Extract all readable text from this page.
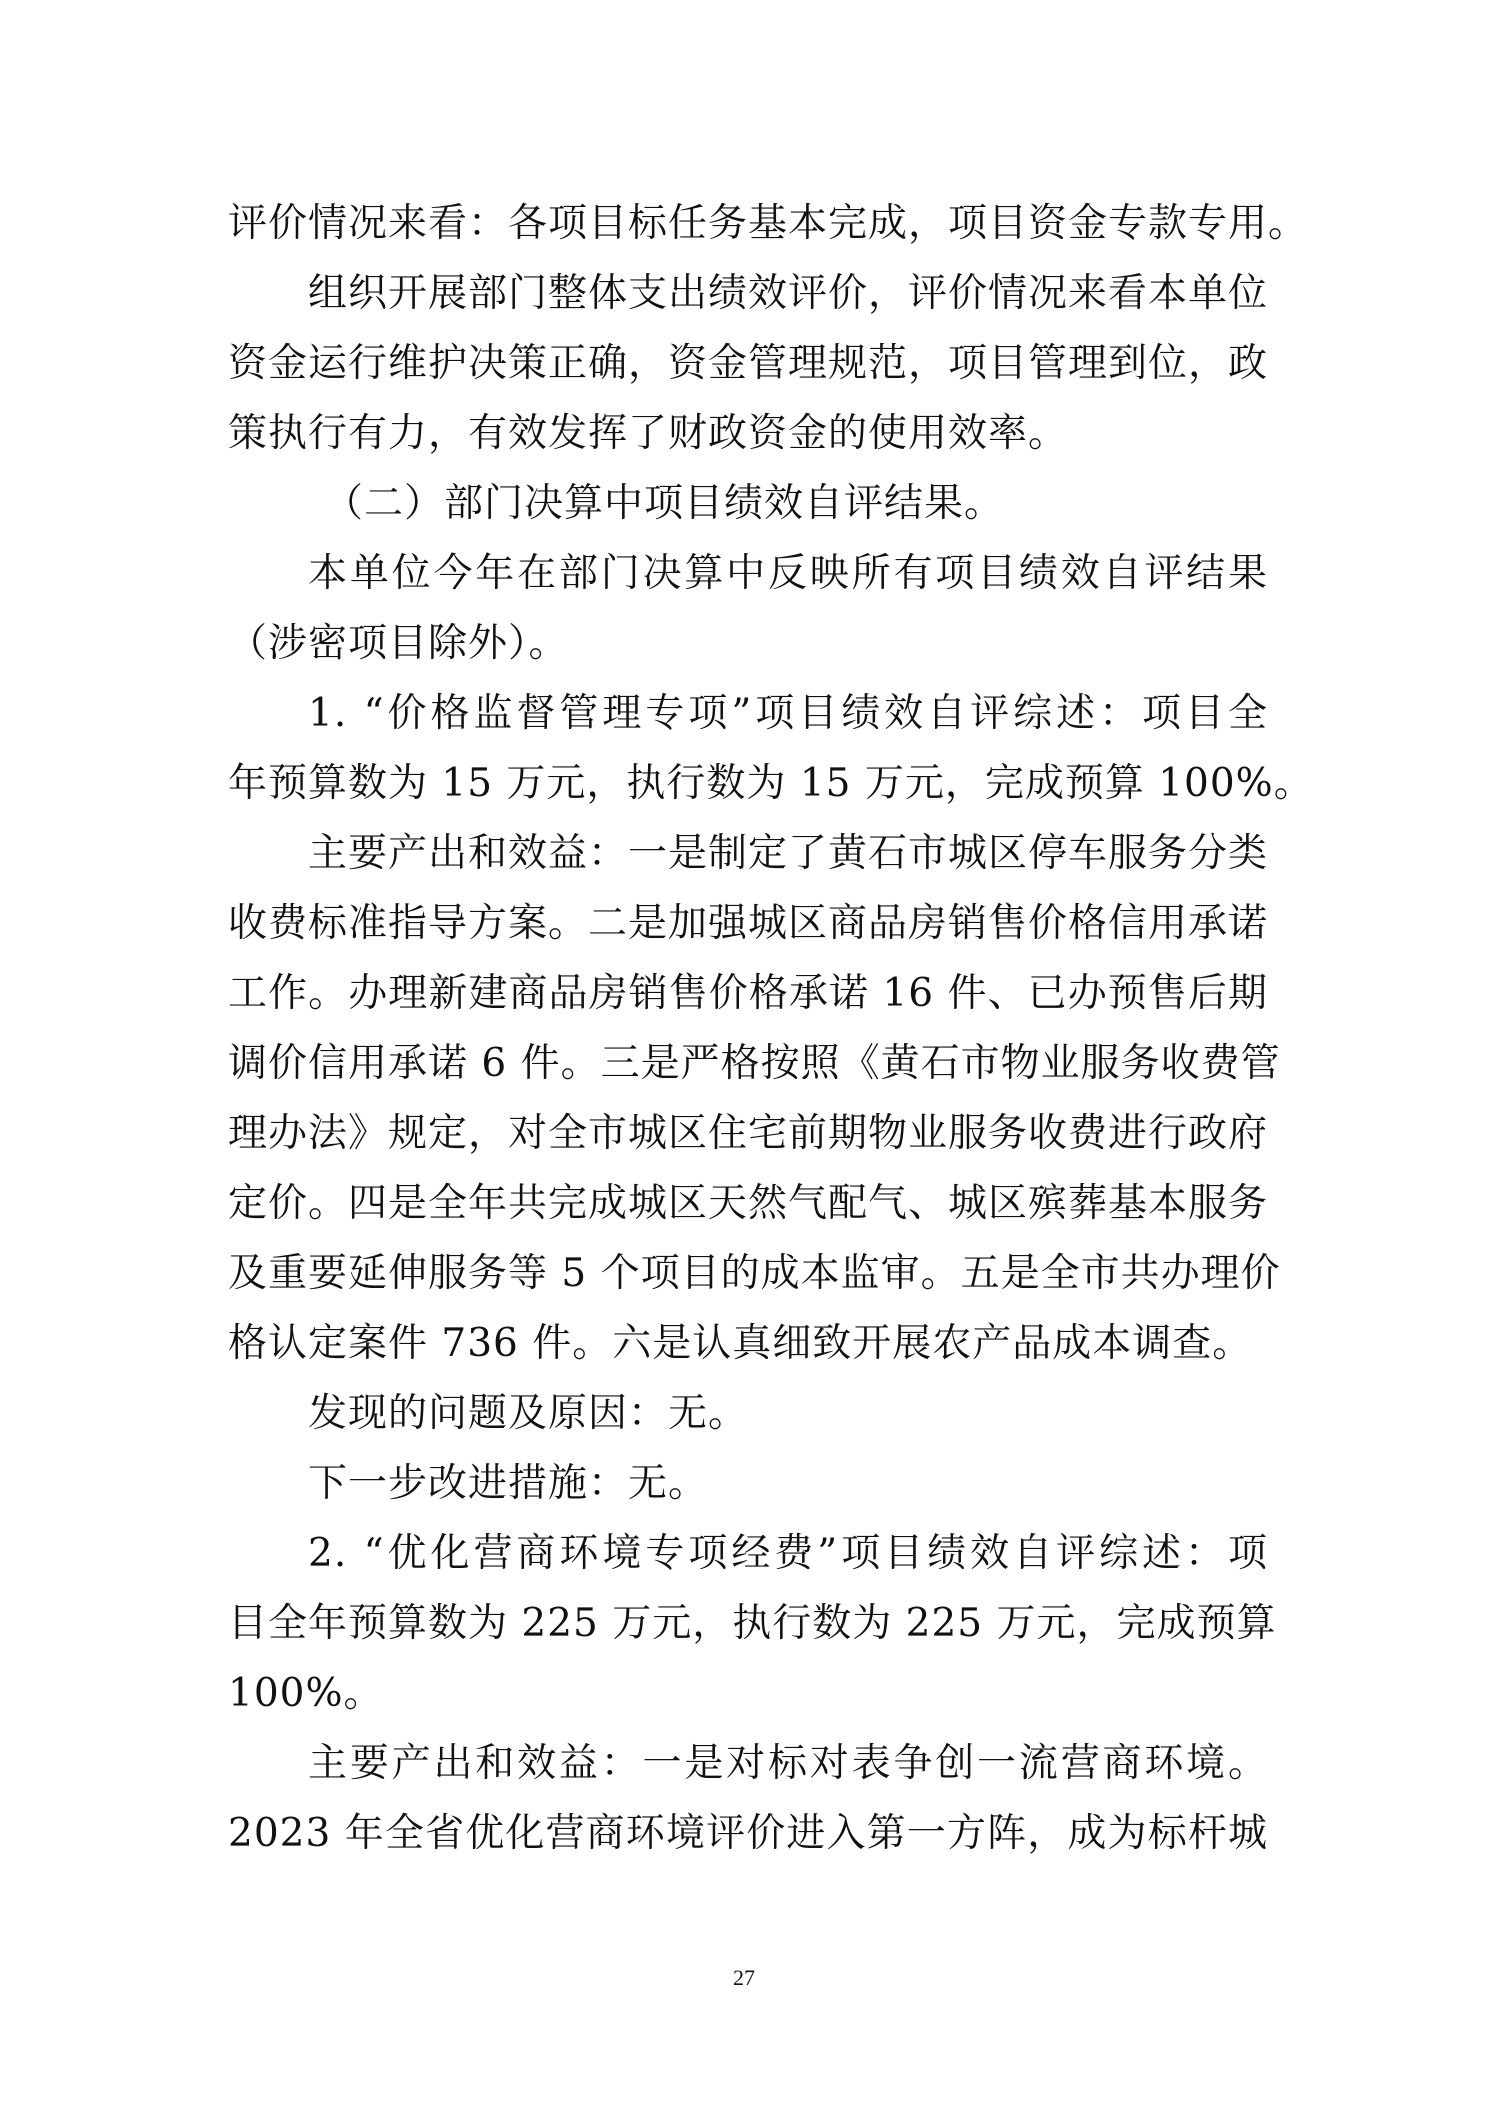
评价情况来看：各项目标任务基本完成，项目资金专款专用。
组织开展部门整体支出绩效评价，评价情况来看本单位
资金运行维护决策正确，资金管理规范，项目管理到位，政
策执行有力，有效发挥了财政资金的使用效率。
（二）部门决算中项目绩效自评结果。
本单位今年在部门决算中反映所有项目绩效自评结果
（涉密项目除外）。
1. “价格监督管理专项”项目绩效自评综述：项目全
年预算数为 15 万元，执行数为 15 万元，完成预算 100%。
主要产出和效益：一是制定了黄石市城区停车服务分类
收费标准指导方案。二是加强城区商品房销售价格信用承诺
工作。办理新建商品房销售价格承诺 16 件、已办预售后期
调价信用承诺 6 件。三是严格按照《黄石市物业服务收费管
理办法》规定，对全市城区住宅前期物业服务收费进行政府
定价。四是全年共完成城区天然气配气、城区殡葬基本服务
及重要延伸服务等 5 个项目的成本监审。五是全市共办理价
格认定案件 736 件。六是认真细致开展农产品成本调查。
发现的问题及原因：无。
下一步改进措施：无。
2. “优化营商环境专项经费”项目绩效自评综述：项
目全年预算数为 225 万元，执行数为 225 万元，完成预算
100%。
主要产出和效益：一是对标对表争创一流营商环境。
2023 年全省优化营商环境评价进入第一方阵，成为标杆城
27
